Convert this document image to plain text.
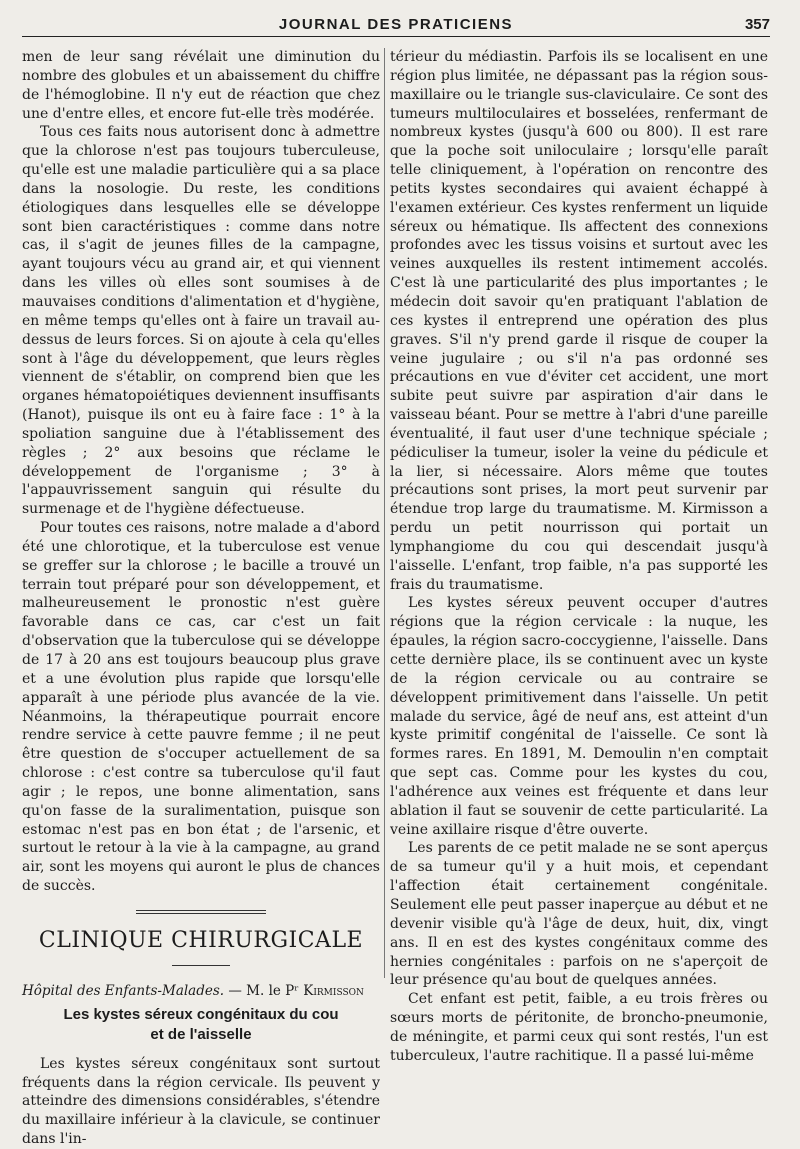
JOURNAL DES PRATICIENS	357

men de leur sang révélait une diminution du nombre des globules et un abaissement du chiffre de l'hémoglobine. Il n'y eut de réaction que chez une d'entre elles, et encore fut-elle très modérée.

Tous ces faits nous autorisent donc à admettre que la chlorose n'est pas toujours tuberculeuse, qu'elle est une maladie particulière qui a sa place dans la nosologie. Du reste, les conditions étiologiques dans lesquelles elle se développe sont bien caractéristiques : comme dans notre cas, il s'agit de jeunes filles de la campagne, ayant toujours vécu au grand air, et qui viennent dans les villes où elles sont soumises à de mauvaises conditions d'alimentation et d'hygiène, en même temps qu'elles ont à faire un travail au-dessus de leurs forces. Si on ajoute à cela qu'elles sont à l'âge du développement, que leurs règles viennent de s'établir, on comprend bien que les organes hématopoiétiques deviennent insuffisants (Hanot), puisque ils ont eu à faire face : 1° à la spoliation sanguine due à l'établissement des règles ; 2° aux besoins que réclame le développement de l'organisme ; 3° à l'appauvrissement sanguin qui résulte du surmenage et de l'hygiène défectueuse.

Pour toutes ces raisons, notre malade a d'abord été une chlorotique, et la tuberculose est venue se greffer sur la chlorose ; le bacille a trouvé un terrain tout préparé pour son développement, et malheureusement le pronostic n'est guère favorable dans ce cas, car c'est un fait d'observation que la tuberculose qui se développe de 17 à 20 ans est toujours beaucoup plus grave et a une évolution plus rapide que lorsqu'elle apparaît à une période plus avancée de la vie. Néanmoins, la thérapeutique pourrait encore rendre service à cette pauvre femme ; il ne peut être question de s'occuper actuellement de sa chlorose : c'est contre sa tuberculose qu'il faut agir ; le repos, une bonne alimentation, sans qu'on fasse de la suralimentation, puisque son estomac n'est pas en bon état ; de l'arsenic, et surtout le retour à la vie à la campagne, au grand air, sont les moyens qui auront le plus de chances de succès.

CLINIQUE CHIRURGICALE

Hôpital des Enfants-Malades. — M. le Pʳ Kirmisson

Les kystes séreux congénitaux du cou
et de l'aisselle

Les kystes séreux congénitaux sont surtout fréquents dans la région cervicale. Ils peuvent y atteindre des dimensions considérables, s'étendre du maxillaire inférieur à la clavicule, se continuer dans l'in-

térieur du médiastin. Parfois ils se localisent en une région plus limitée, ne dépassant pas la région sous-maxillaire ou le triangle sus-claviculaire. Ce sont des tumeurs multiloculaires et bosselées, renfermant de nombreux kystes (jusqu'à 600 ou 800). Il est rare que la poche soit uniloculaire ; lorsqu'elle paraît telle cliniquement, à l'opération on rencontre des petits kystes secondaires qui avaient échappé à l'examen extérieur. Ces kystes renferment un liquide séreux ou hématique. Ils affectent des connexions profondes avec les tissus voisins et surtout avec les veines auxquelles ils restent intimement accolés. C'est là une particularité des plus importantes ; le médecin doit savoir qu'en pratiquant l'ablation de ces kystes il entreprend une opération des plus graves. S'il n'y prend garde il risque de couper la veine jugulaire ; ou s'il n'a pas ordonné ses précautions en vue d'éviter cet accident, une mort subite peut suivre par aspiration d'air dans le vaisseau béant. Pour se mettre à l'abri d'une pareille éventualité, il faut user d'une technique spéciale ; pédiculiser la tumeur, isoler la veine du pédicule et la lier, si nécessaire. Alors même que toutes précautions sont prises, la mort peut survenir par étendue trop large du traumatisme. M. Kirmisson a perdu un petit nourrisson qui portait un lymphangiome du cou qui descendait jusqu'à l'aisselle. L'enfant, trop faible, n'a pas supporté les frais du traumatisme.

Les kystes séreux peuvent occuper d'autres régions que la région cervicale : la nuque, les épaules, la région sacro-coccygienne, l'aisselle. Dans cette dernière place, ils se continuent avec un kyste de la région cervicale ou au contraire se développent primitivement dans l'aisselle. Un petit malade du service, âgé de neuf ans, est atteint d'un kyste primitif congénital de l'aisselle. Ce sont là formes rares. En 1891, M. Demoulin n'en comptait que sept cas. Comme pour les kystes du cou, l'adhérence aux veines est fréquente et dans leur ablation il faut se souvenir de cette particularité. La veine axillaire risque d'être ouverte.

Les parents de ce petit malade ne se sont aperçus de sa tumeur qu'il y a huit mois, et cependant l'affection était certainement congénitale. Seulement elle peut passer inaperçue au début et ne devenir visible qu'à l'âge de deux, huit, dix, vingt ans. Il en est des kystes congénitaux comme des hernies congénitales : parfois on ne s'aperçoit de leur présence qu'au bout de quelques années.

Cet enfant est petit, faible, a eu trois frères ou sœurs morts de péritonite, de broncho-pneumonie, de méningite, et parmi ceux qui sont restés, l'un est tuberculeux, l'autre rachitique. Il a passé lui-même
